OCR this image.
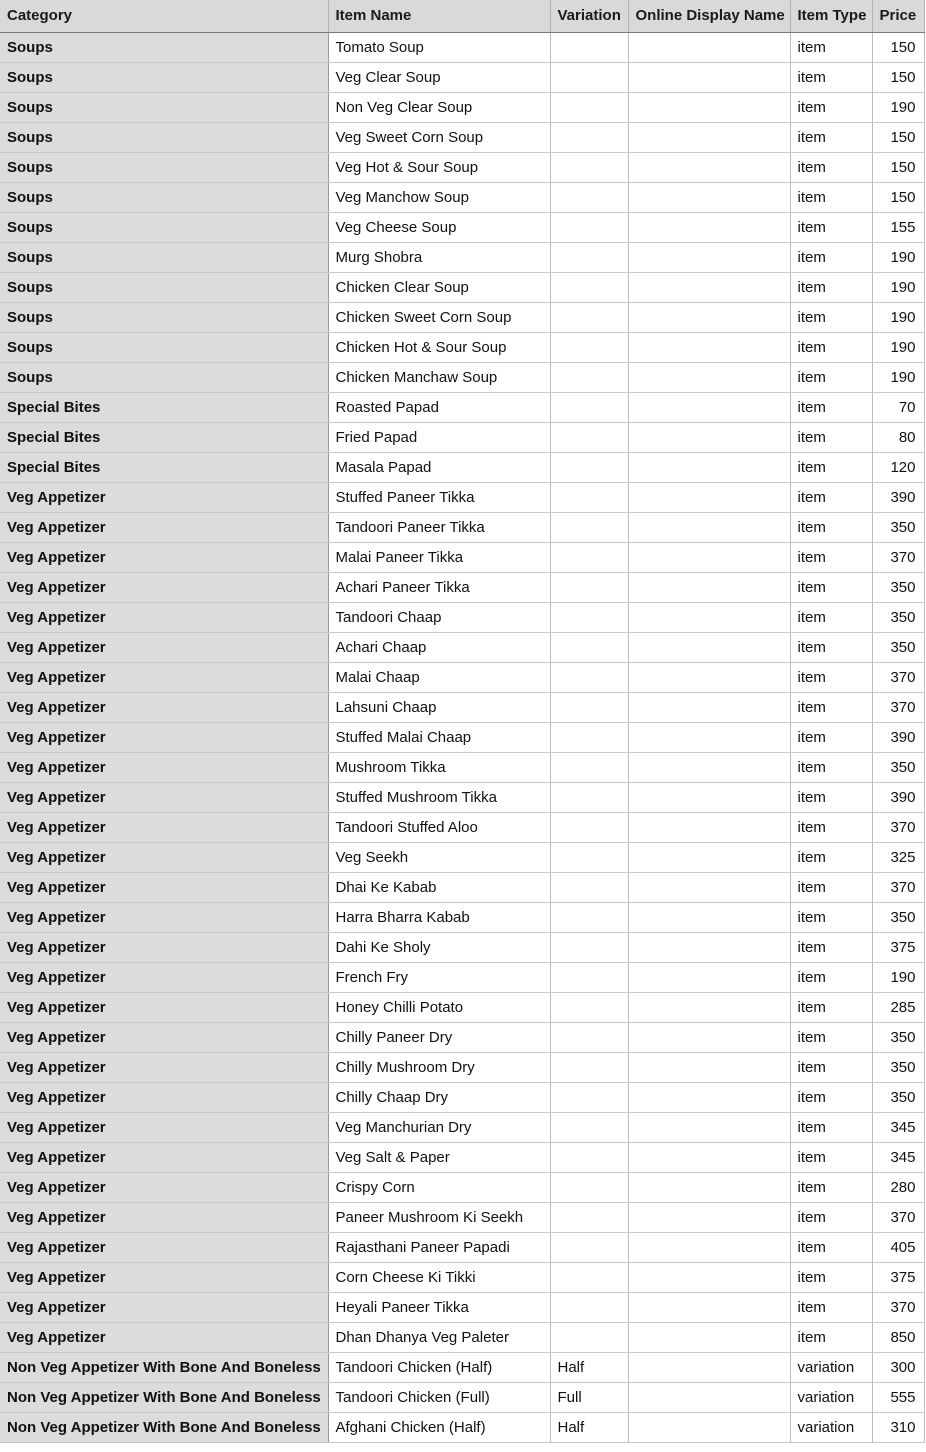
Category	Item Name	Variation	Online Display Name	Item Type	Price
Soups	Tomato Soup			item	150
Soups	Veg Clear Soup			item	150
Soups	Non Veg Clear Soup			item	190
Soups	Veg Sweet Corn Soup			item	150
Soups	Veg Hot & Sour Soup			item	150
Soups	Veg Manchow Soup			item	150
Soups	Veg Cheese Soup			item	155
Soups	Murg Shobra			item	190
Soups	Chicken Clear Soup			item	190
Soups	Chicken Sweet Corn Soup			item	190
Soups	Chicken Hot & Sour Soup			item	190
Soups	Chicken Manchaw Soup			item	190
Special Bites	Roasted Papad			item	70
Special Bites	Fried Papad			item	80
Special Bites	Masala Papad			item	120
Veg Appetizer	Stuffed Paneer Tikka			item	390
Veg Appetizer	Tandoori Paneer Tikka			item	350
Veg Appetizer	Malai Paneer Tikka			item	370
Veg Appetizer	Achari Paneer Tikka			item	350
Veg Appetizer	Tandoori Chaap			item	350
Veg Appetizer	Achari Chaap			item	350
Veg Appetizer	Malai Chaap			item	370
Veg Appetizer	Lahsuni Chaap			item	370
Veg Appetizer	Stuffed Malai Chaap			item	390
Veg Appetizer	Mushroom Tikka			item	350
Veg Appetizer	Stuffed Mushroom Tikka			item	390
Veg Appetizer	Tandoori Stuffed Aloo			item	370
Veg Appetizer	Veg Seekh			item	325
Veg Appetizer	Dhai Ke Kabab			item	370
Veg Appetizer	Harra Bharra Kabab			item	350
Veg Appetizer	Dahi Ke Sholy			item	375
Veg Appetizer	French Fry			item	190
Veg Appetizer	Honey Chilli Potato			item	285
Veg Appetizer	Chilly Paneer Dry			item	350
Veg Appetizer	Chilly Mushroom Dry			item	350
Veg Appetizer	Chilly Chaap Dry			item	350
Veg Appetizer	Veg Manchurian Dry			item	345
Veg Appetizer	Veg Salt & Paper			item	345
Veg Appetizer	Crispy Corn			item	280
Veg Appetizer	Paneer Mushroom Ki Seekh			item	370
Veg Appetizer	Rajasthani Paneer Papadi			item	405
Veg Appetizer	Corn Cheese Ki Tikki			item	375
Veg Appetizer	Heyali Paneer Tikka			item	370
Veg Appetizer	Dhan Dhanya Veg Paleter			item	850
Non Veg Appetizer With Bone And Boneless	Tandoori Chicken (Half)	Half		variation	300
Non Veg Appetizer With Bone And Boneless	Tandoori Chicken (Full)	Full		variation	555
Non Veg Appetizer With Bone And Boneless	Afghani Chicken (Half)	Half		variation	310
